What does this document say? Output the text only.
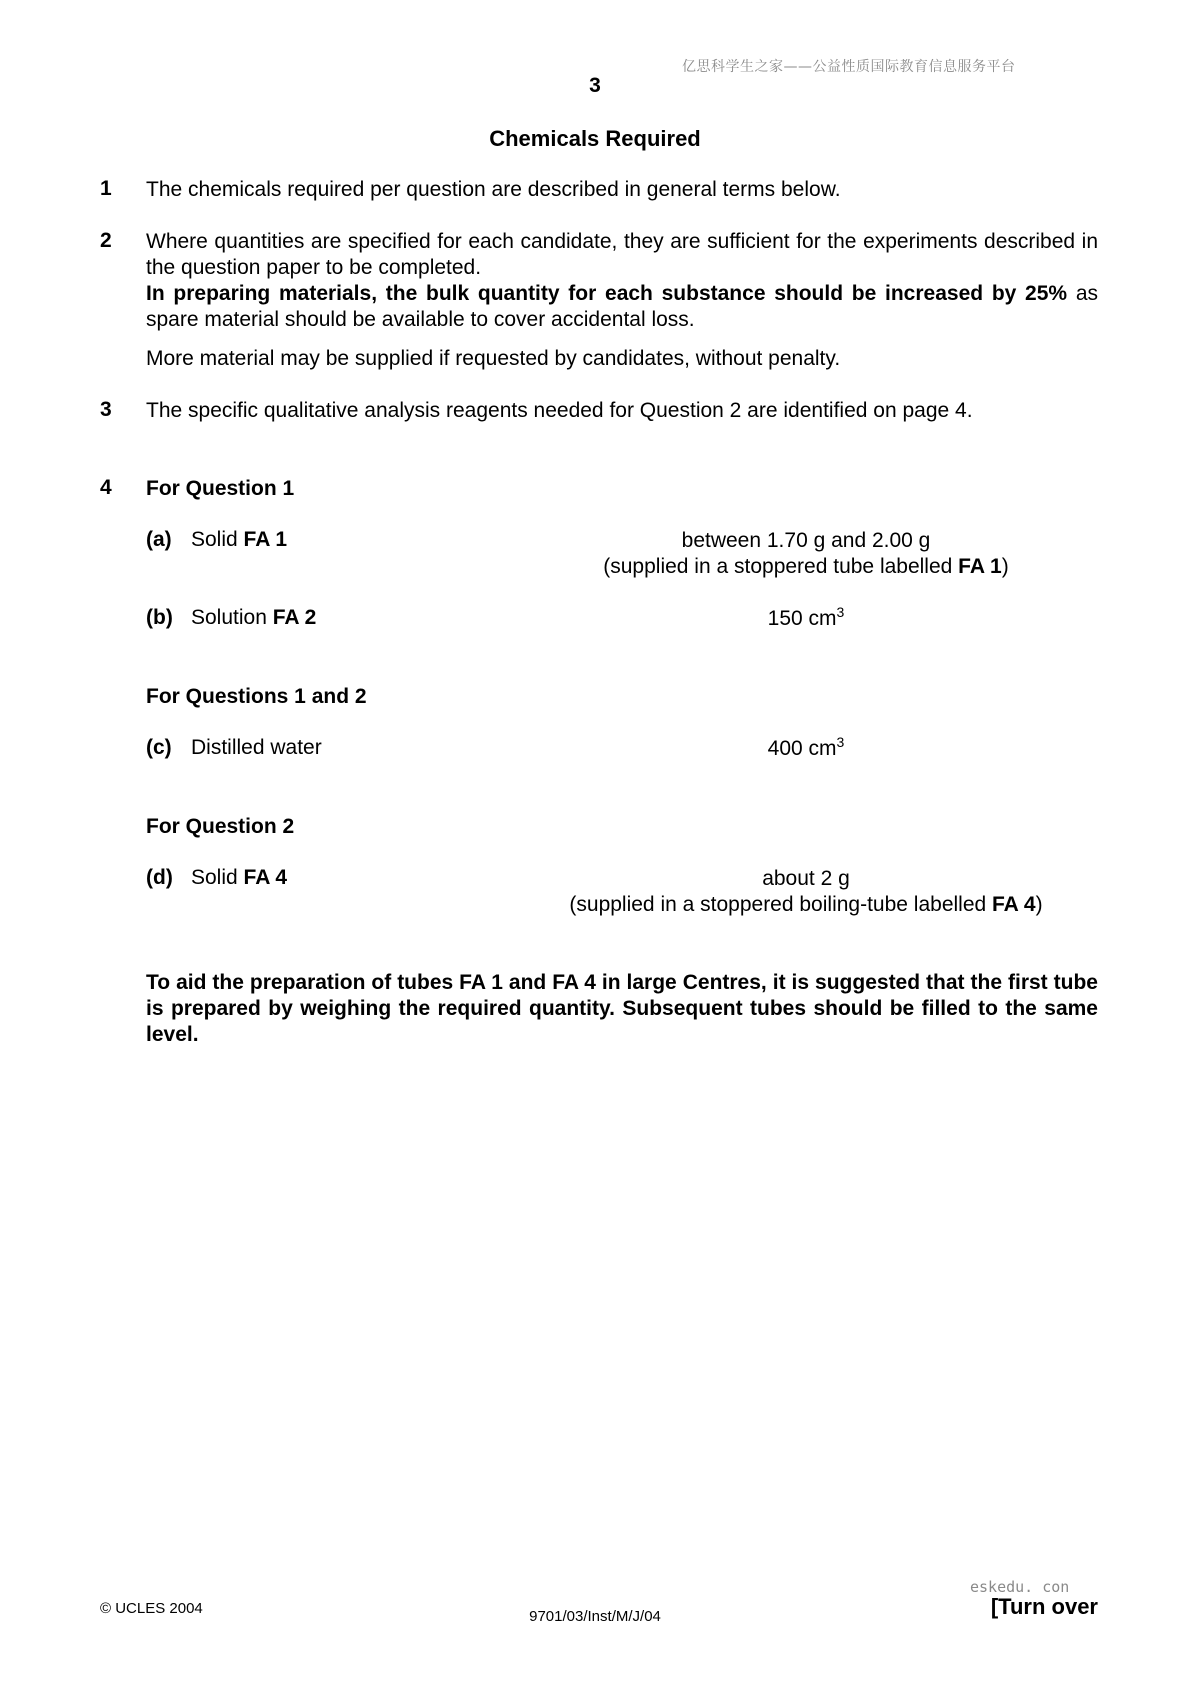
亿思科学生之家——公益性质国际教育信息服务平台
3
Chemicals Required
1 The chemicals required per question are described in general terms below.
2 Where quantities are specified for each candidate, they are sufficient for the experiments described in the question paper to be completed.
In preparing materials, the bulk quantity for each substance should be increased by 25% as spare material should be available to cover accidental loss.
More material may be supplied if requested by candidates, without penalty.
3 The specific qualitative analysis reagents needed for Question 2 are identified on page 4.
4 For Question 1
(a) Solid FA 1	between 1.70 g and 2.00 g
(supplied in a stoppered tube labelled FA 1)
(b) Solution FA 2	150 $cm^3$
For Questions 1 and 2
(c) Distilled water	400 $cm^3$
For Question 2
(d) Solid FA 4	about 2 g
(supplied in a stoppered boiling-tube labelled FA 4)
To aid the preparation of tubes FA 1 and FA 4 in large Centres, it is suggested that the first tube is prepared by weighing the required quantity. Subsequent tubes should be filled to the same level.
eskedu. con
© UCLES 2004	9701/03/Inst/M/J/04	[Turn over
